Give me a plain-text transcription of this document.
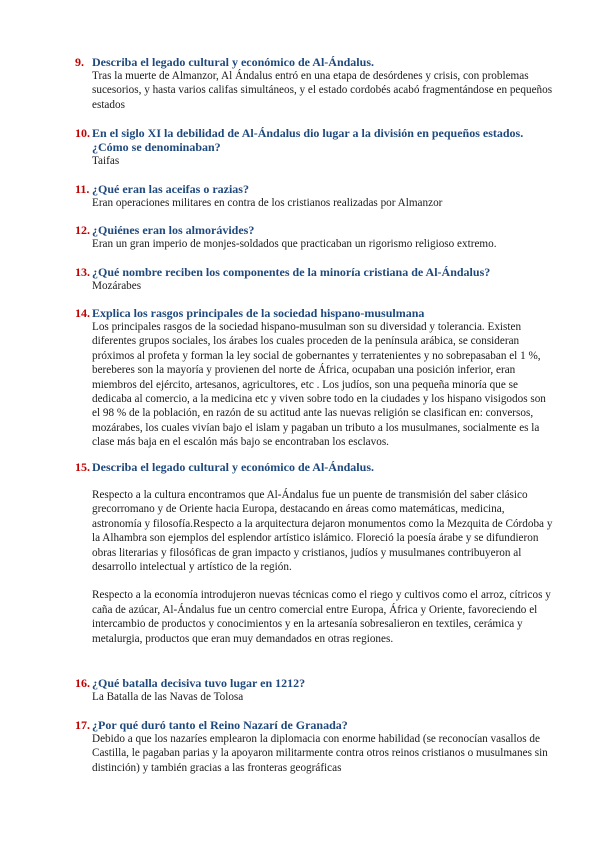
9. Describa el legado cultural y económico de Al-Ándalus.
Tras la muerte de Almanzor, Al Ándalus entró en una etapa de desórdenes y crisis, con problemas sucesorios, y hasta varios califas simultáneos, y el estado cordobés acabó fragmentándose en pequeños estados
10. En el siglo XI la debilidad de Al-Ándalus dio lugar a la división en pequeños estados. ¿Cómo se denominaban?
Taifas
11. ¿Qué eran las aceifas o razias?
Eran operaciones militares en contra de los cristianos realizadas por Almanzor
12. ¿Quiénes eran los almorávides?
Eran un gran imperio de monjes-soldados que practicaban un rigorismo religioso extremo.
13. ¿Qué nombre reciben los componentes de la minoría cristiana de Al-Ándalus?
Mozárabes
14. Explica los rasgos principales de la sociedad hispano-musulmana
Los principales rasgos de la sociedad hispano-musulman son su diversidad y tolerancia. Existen diferentes grupos sociales, los árabes los cuales proceden de la península arábica, se consideran próximos al profeta y forman la ley social de gobernantes y terratenientes y no sobrepasaban el 1 %, bereberes son la mayoría y provienen del norte de África, ocupaban una posición inferior, eran miembros del ejército, artesanos, agricultores, etc . Los judíos, son una pequeña minoría que se dedicaba al comercio, a la medicina etc y viven sobre todo en la ciudades y los hispano visigodos son el 98 % de la población, en razón de su actitud ante las nuevas religión se clasifican en: conversos, mozárabes, los cuales vivían bajo el islam y pagaban un tributo a los musulmanes, socialmente es la clase más baja en el escalón más bajo se encontraban los esclavos.
15. Describa el legado cultural y económico de Al-Ándalus.

Respecto a la cultura encontramos que Al-Ándalus fue un puente de transmisión del saber clásico grecorromano y de Oriente hacia Europa, destacando en áreas como matemáticas, medicina, astronomía y filosofía.Respecto a la arquitectura dejaron monumentos como la Mezquita de Córdoba y la Alhambra son ejemplos del esplendor artístico islámico. Floreció la poesía árabe y se difundieron obras literarias y filosóficas de gran impacto y cristianos, judíos y musulmanes contribuyeron al desarrollo intelectual y artístico de la región.

Respecto a la economía introdujeron nuevas técnicas como el riego y cultivos como el arroz, cítricos y caña de azúcar, Al-Ándalus fue un centro comercial entre Europa, África y Oriente, favoreciendo el intercambio de productos y conocimientos y en la artesanía sobresalieron en textiles, cerámica y metalurgia, productos que eran muy demandados en otras regiones.

16. ¿Qué batalla decisiva tuvo lugar en 1212?
La Batalla de las Navas de Tolosa
17. ¿Por qué duró tanto el Reino Nazarí de Granada?
Debido a que los nazaríes emplearon la diplomacia con enorme habilidad (se reconocían vasallos de Castilla, le pagaban parias y la apoyaron militarmente contra otros reinos cristianos o musulmanes sin distinción) y también gracias a las fronteras geográficas
